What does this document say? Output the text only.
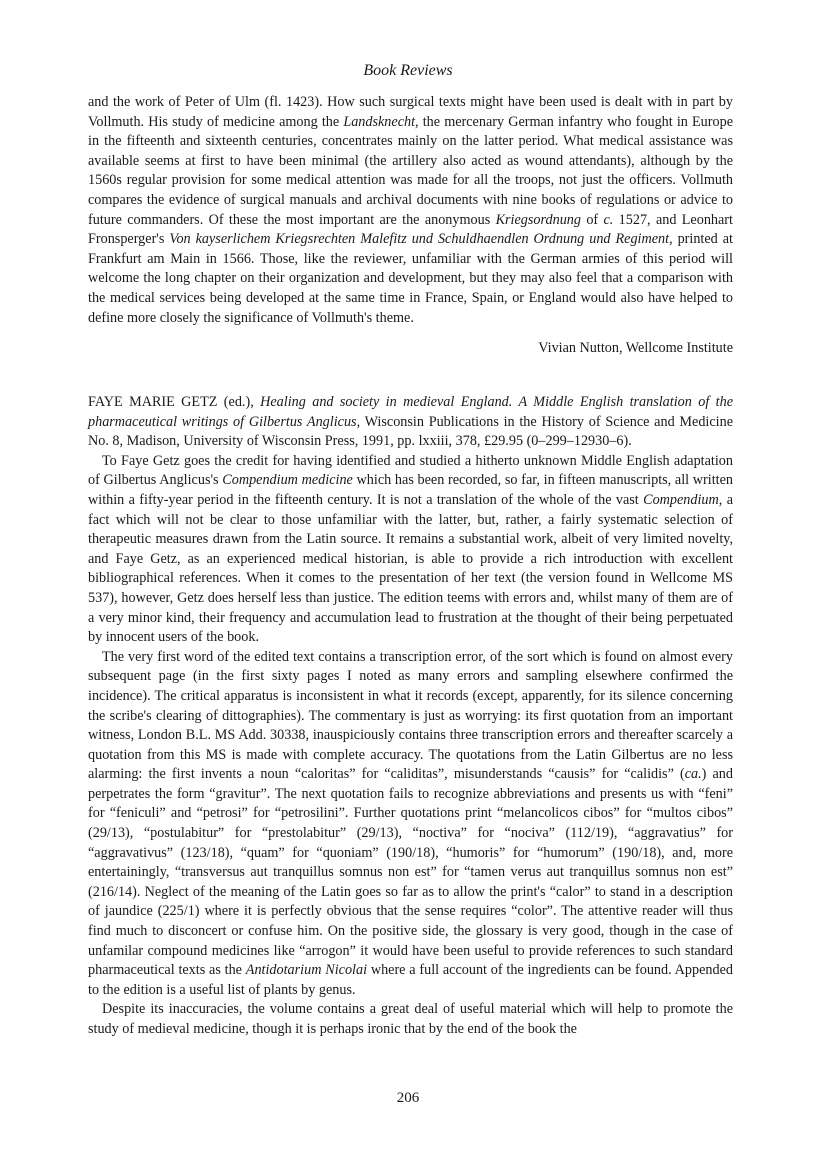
Book Reviews

and the work of Peter of Ulm (fl. 1423). How such surgical texts might have been used is dealt with in part by Vollmuth. His study of medicine among the Landsknecht, the mercenary German infantry who fought in Europe in the fifteenth and sixteenth centuries, concentrates mainly on the latter period. What medical assistance was available seems at first to have been minimal (the artillery also acted as wound attendants), although by the 1560s regular provision for some medical attention was made for all the troops, not just the officers. Vollmuth compares the evidence of surgical manuals and archival documents with nine books of regulations or advice to future commanders. Of these the most important are the anonymous Kriegsordnung of c. 1527, and Leonhart Fronsperger's Von kayserlichem Kriegsrechten Malefitz und Schuldhaendlen Ordnung und Regiment, printed at Frankfurt am Main in 1566. Those, like the reviewer, unfamiliar with the German armies of this period will welcome the long chapter on their organization and development, but they may also feel that a comparison with the medical services being developed at the same time in France, Spain, or England would also have helped to define more closely the significance of Vollmuth's theme.

Vivian Nutton, Wellcome Institute

FAYE MARIE GETZ (ed.), Healing and society in medieval England. A Middle English translation of the pharmaceutical writings of Gilbertus Anglicus, Wisconsin Publications in the History of Science and Medicine No. 8, Madison, University of Wisconsin Press, 1991, pp. lxxiii, 378, £29.95 (0–299–12930–6).

To Faye Getz goes the credit for having identified and studied a hitherto unknown Middle English adaptation of Gilbertus Anglicus's Compendium medicine which has been recorded, so far, in fifteen manuscripts, all written within a fifty-year period in the fifteenth century. It is not a translation of the whole of the vast Compendium, a fact which will not be clear to those unfamiliar with the latter, but, rather, a fairly systematic selection of therapeutic measures drawn from the Latin source. It remains a substantial work, albeit of very limited novelty, and Faye Getz, as an experienced medical historian, is able to provide a rich introduction with excellent bibliographical references. When it comes to the presentation of her text (the version found in Wellcome MS 537), however, Getz does herself less than justice. The edition teems with errors and, whilst many of them are of a very minor kind, their frequency and accumulation lead to frustration at the thought of their being perpetuated by innocent users of the book.

The very first word of the edited text contains a transcription error, of the sort which is found on almost every subsequent page (in the first sixty pages I noted as many errors and sampling elsewhere confirmed the incidence). The critical apparatus is inconsistent in what it records (except, apparently, for its silence concerning the scribe's clearing of dittographies). The commentary is just as worrying: its first quotation from an important witness, London B.L. MS Add. 30338, inauspiciously contains three transcription errors and thereafter scarcely a quotation from this MS is made with complete accuracy. The quotations from the Latin Gilbertus are no less alarming: the first invents a noun “caloritas” for “caliditas”, misunderstands “causis” for “calidis” (ca.) and perpetrates the form “gravitur”. The next quotation fails to recognize abbreviations and presents us with “feni” for “feniculi” and “petrosi” for “petrosilini”. Further quotations print “melancolicos cibos” for “multos cibos” (29/13), “postulabitur” for “prestolabitur” (29/13), “noctiva” for “nociva” (112/19), “aggravatius” for “aggravativus” (123/18), “quam” for “quoniam” (190/18), “humoris” for “humorum” (190/18), and, more entertainingly, “transversus aut tranquillus somnus non est” for “tamen verus aut tranquillus somnus non est” (216/14). Neglect of the meaning of the Latin goes so far as to allow the print's “calor” to stand in a description of jaundice (225/1) where it is perfectly obvious that the sense requires “color”. The attentive reader will thus find much to disconcert or confuse him. On the positive side, the glossary is very good, though in the case of unfamilar compound medicines like “arrogon” it would have been useful to provide references to such standard pharmaceutical texts as the Antidotarium Nicolai where a full account of the ingredients can be found. Appended to the edition is a useful list of plants by genus.

Despite its inaccuracies, the volume contains a great deal of useful material which will help to promote the study of medieval medicine, though it is perhaps ironic that by the end of the book the

206
